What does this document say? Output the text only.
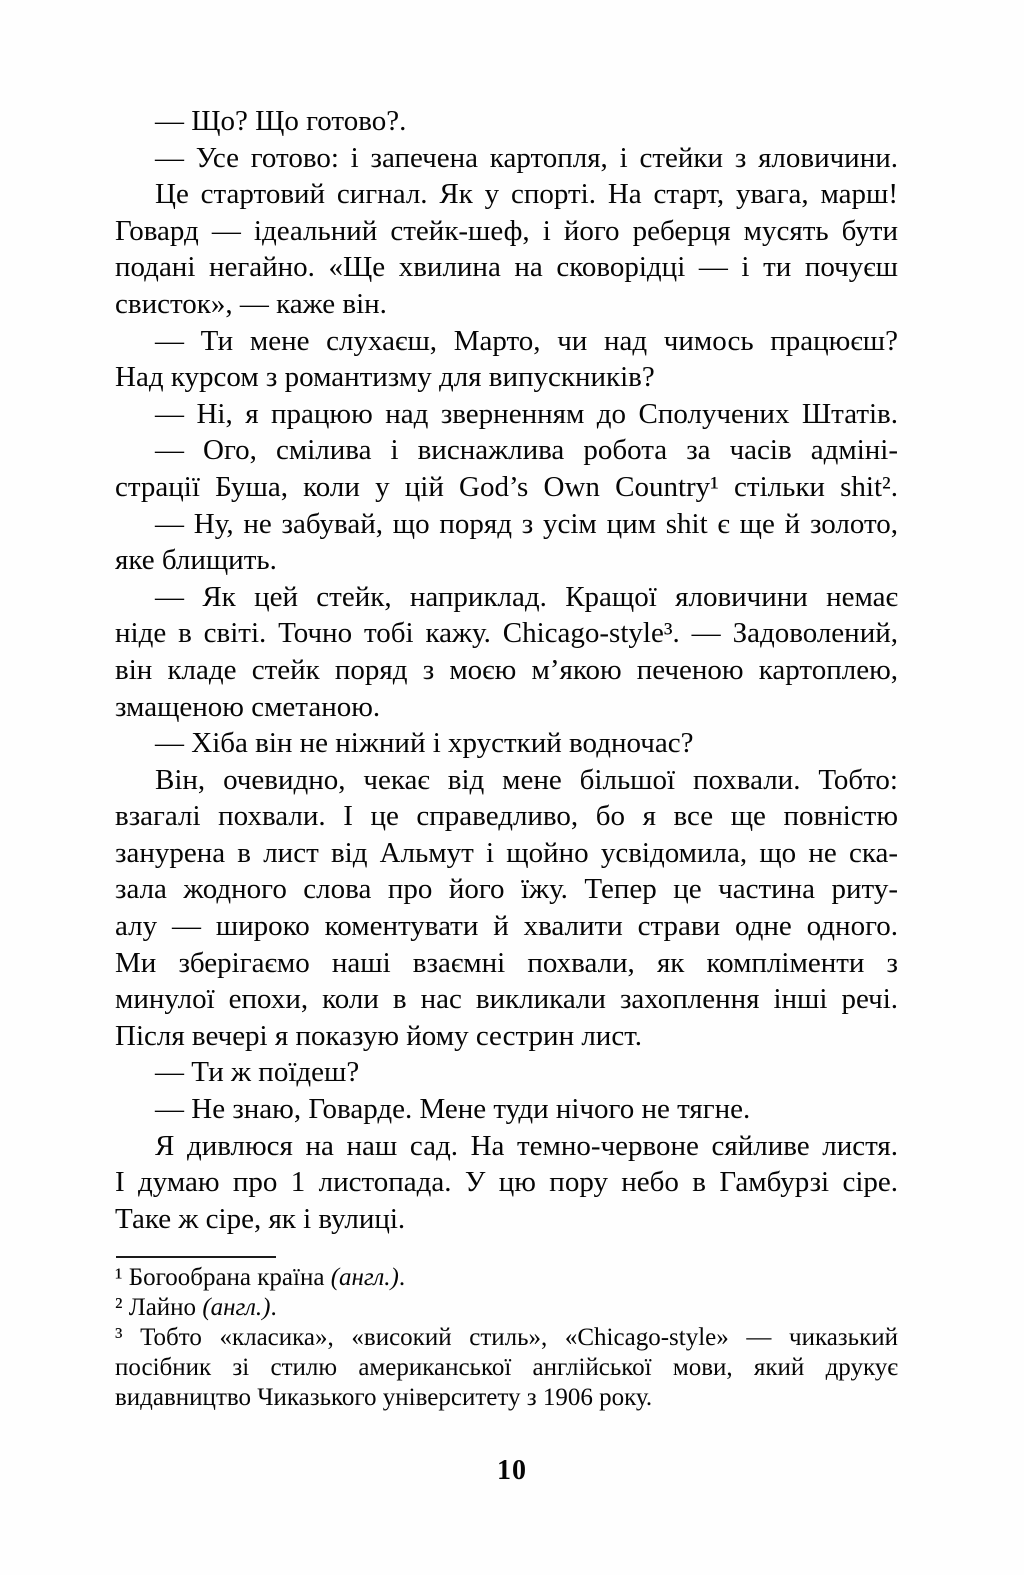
— Що? Що готово?.
— Усе готово: і запечена картопля, і стейки з яловичини.
Це стартовий сигнал. Як у спорті. На старт, увага, марш!
Говард — ідеальний стейк-шеф, і його реберця мусять бути
подані негайно. «Ще хвилина на сковорідці — і ти почуєш
свисток», — каже він.
— Ти мене слухаєш, Марто, чи над чимось працюєш?
Над курсом з романтизму для випускників?
— Ні, я працюю над зверненням до Сполучених Штатів.
— Ого, смілива і виснажлива робота за часів адміні-
страції Буша, коли у цій God’s Own Country¹ стільки shit².
— Ну, не забувай, що поряд з усім цим shit є ще й золото,
яке блищить.
— Як цей стейк, наприклад. Кращої яловичини немає
ніде в світі. Точно тобі кажу. Chicago-style³. — Задоволений,
він кладе стейк поряд з моєю м’якою печеною картоплею,
змащеною сметаною.
— Хіба він не ніжний і хрусткий водночас?
Він, очевидно, чекає від мене більшої похвали. Тобто:
взагалі похвали. І це справедливо, бо я все ще повністю
занурена в лист від Альмут і щойно усвідомила, що не ска-
зала жодного слова про його їжу. Тепер це частина риту-
алу — широко коментувати й хвалити страви одне одного.
Ми зберігаємо наші взаємні похвали, як компліменти з
минулої епохи, коли в нас викликали захоплення інші речі.
Після вечері я показую йому сестрин лист.
— Ти ж поїдеш?
— Не знаю, Говарде. Мене туди нічого не тягне.
Я дивлюся на наш сад. На темно-червоне сяйливе листя.
І думаю про 1 листопада. У цю пору небо в Гамбурзі сіре.
Таке ж сіре, як і вулиці.
¹ Богообрана країна (англ.).
² Лайно (англ.).
³ Тобто «класика», «високий стиль», «Chicago-style» — чиказький
посібник зі стилю американської англійської мови, який друкує
видавництво Чиказького університету з 1906 року.
10
